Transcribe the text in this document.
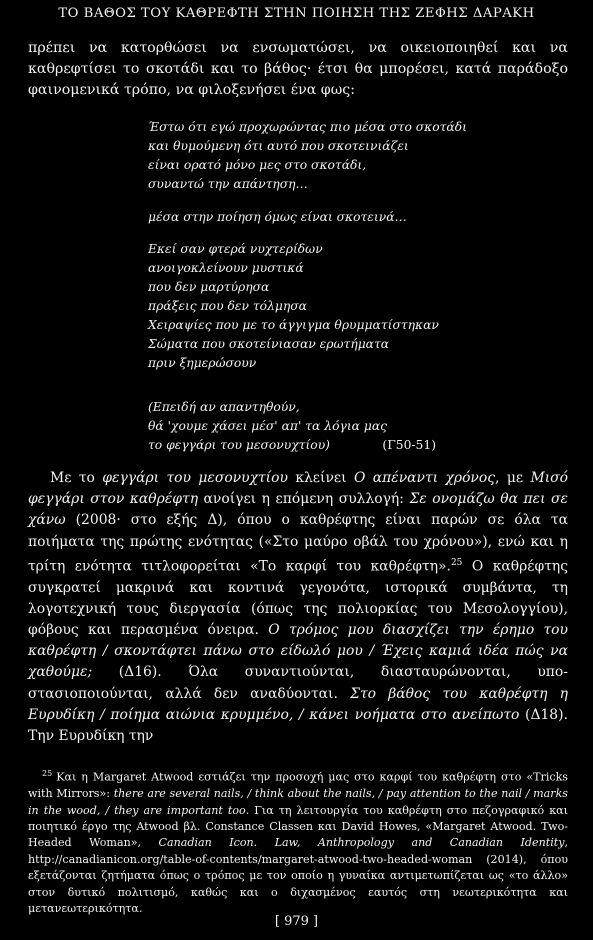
ΤΟ ΒΑΘΟΣ ΤΟΥ ΚΑΘΡΕΦΤΗ ΣΤΗΝ ΠΟΙΗΣΗ ΤΗΣ ΖΕΦΗΣ ΔΑΡΑΚΗ

πρέπει να κατορθώσει να ενσωματώσει, να οικειοποιηθεί και να καθρεφτίσει το σκοτάδι και το βάθος· έτσι θα μπορέσει, κατά παράδοξο φαινομενικά τρόπο, να φιλοξενήσει ένα φως:

Έστω ότι εγώ προχωρώντας πιο μέσα στο σκοτάδι
και θυμούμενη ότι αυτό που σκοτεινιάζει
είναι ορατό μόνο μες στο σκοτάδι,
συναντώ την απάντηση…
μέσα στην ποίηση όμως είναι σκοτεινά…
Εκεί σαν φτερά νυχτερίδων
ανοιγοκλείνουν μυστικά
που δεν μαρτύρησα
πράξεις που δεν τόλμησα
Χειραψίες που με το άγγιγμα θρυμματίστηκαν
Σώματα που σκοτείνιασαν ερωτήματα
πριν ξημερώσουν
(Επειδή αν απαντηθούν,
θά 'χουμε χάσει μέσ' απ' τα λόγια μας
το φεγγάρι του μεσονυχτίου)	(Γ50-51)

Με το φεγγάρι του μεσονυχτίου κλείνει Ο απέναντι χρόνος, με Μισό φεγγάρι στον καθρέφτη ανοίγει η επόμενη συλλογή: Σε ονομάζω θα πει σε χάνω (2008· στο εξής Δ), όπου ο καθρέφτης είναι παρών σε όλα τα ποιήματα της πρώτης ενότητας («Στο μαύρο οβάλ του χρόνου»), ενώ και η τρίτη ενότητα τιτλοφορείται «Το καρφί του καθρέφτη».$^{25}$ Ο καθρέφτης συγκρατεί μακρινά και κοντινά γεγονότα, ιστορικά συμβάντα, τη λογοτεχνική τους διεργασία (όπως της πολιορκίας του Μεσολογγίου), φόβους και περασμένα όνειρα. Ο τρόμος μου διασχίζει την έρημο του καθρέφτη / σκοντάφτει πάνω στο είδωλό μου / Έχεις καμιά ιδέα πώς να χαθούμε; (Δ16). Όλα συναντιούνται, διασταυρώνονται, υποστασιοποιούνται, αλλά δεν αναδύονται. Στο βάθος του καθρέφτη η Ευρυδίκη / ποίημα αιώνια κρυμμένο, / κάνει νοήματα στο ανείπωτο (Δ18). Την Ευρυδίκη την

$^{25}$ Και η Margaret Atwood εστιάζει την προσοχή μας στο καρφί του καθρέφτη στο «Tricks with Mirrors»: there are several nails, / think about the nails, / pay attention to the nail / marks in the wood, / they are important too. Για τη λειτουργία του καθρέφτη στο πεζογραφικό και ποιητικό έργο της Atwood βλ. Constance Classen και David Howes, «Margaret Atwood. Two-Headed Woman», Canadian Icon. Law, Anthropology and Canadian Identity, http://canadianicon.org/table-of-contents/margaret-atwood-two-headed-woman (2014), όπου εξετάζονται ζητήματα όπως ο τρόπος με τον οποίο η γυναίκα αντιμετωπίζεται ως «το άλλο» στον δυτικό πολιτισμό, καθώς και ο διχασμένος εαυτός στη νεωτερικότητα και μετανεωτερικότητα.

[ 979 ]
